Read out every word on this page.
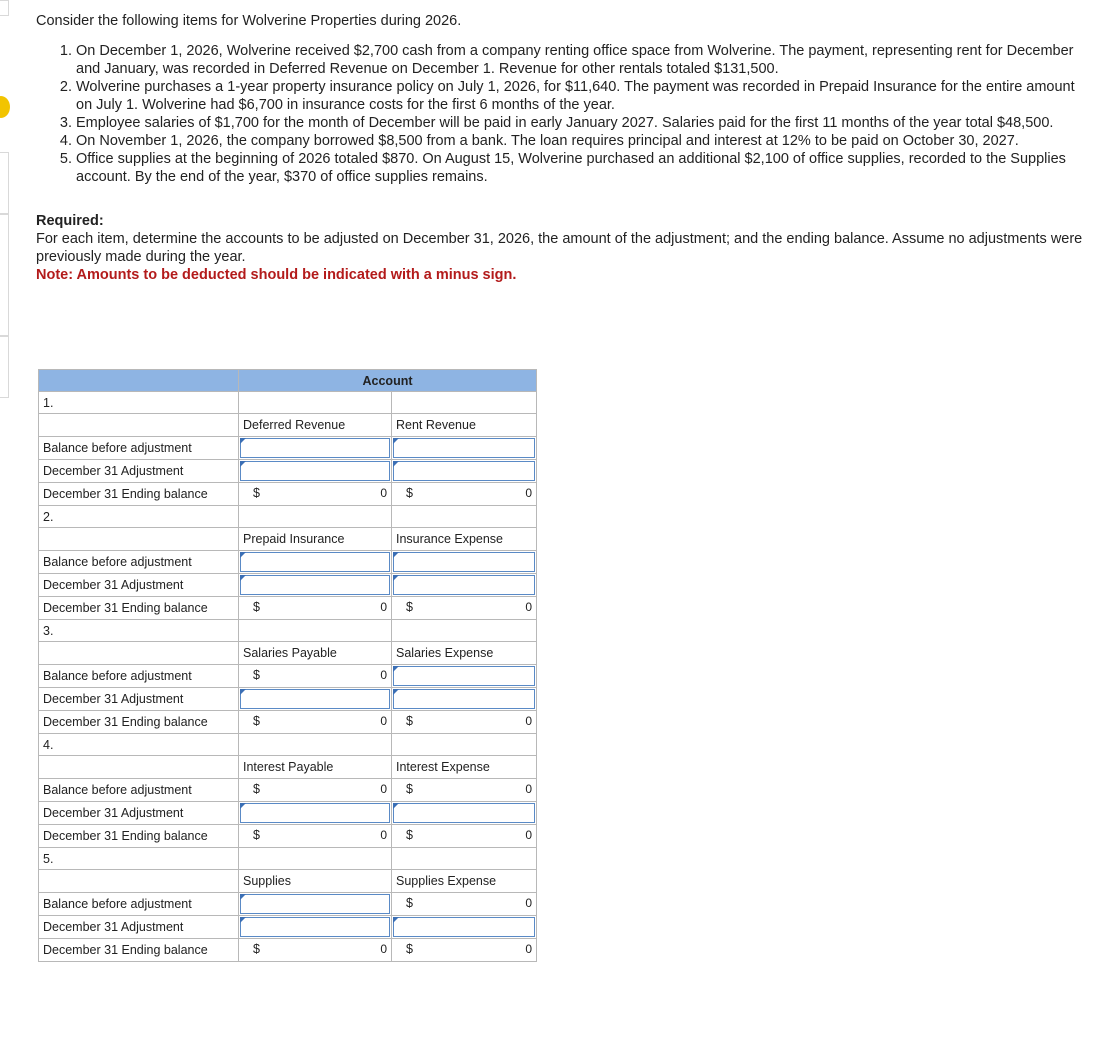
Consider the following items for Wolverine Properties during 2026.

1. On December 1, 2026, Wolverine received $2,700 cash from a company renting office space from Wolverine. The payment, representing rent for December and January, was recorded in Deferred Revenue on December 1. Revenue for other rentals totaled $131,500.
2. Wolverine purchases a 1-year property insurance policy on July 1, 2026, for $11,640. The payment was recorded in Prepaid Insurance for the entire amount on July 1. Wolverine had $6,700 in insurance costs for the first 6 months of the year.
3. Employee salaries of $1,700 for the month of December will be paid in early January 2027. Salaries paid for the first 11 months of the year total $48,500.
4. On November 1, 2026, the company borrowed $8,500 from a bank. The loan requires principal and interest at 12% to be paid on October 30, 2027.
5. Office supplies at the beginning of 2026 totaled $870. On August 15, Wolverine purchased an additional $2,100 of office supplies, recorded to the Supplies account. By the end of the year, $370 of office supplies remains.
Required:
For each item, determine the accounts to be adjusted on December 31, 2026, the amount of the adjustment; and the ending balance. Assume no adjustments were previously made during the year.
Note: Amounts to be deducted should be indicated with a minus sign.
	Account	
1.		
	Deferred Revenue	Rent Revenue
Balance before adjustment	

December 31 Adjustment	

December 31 Ending balance	$ 0	$ 0

2.		
	Prepaid Insurance	Insurance Expense
Balance before adjustment	

December 31 Adjustment	

December 31 Ending balance	$ 0	$ 0

3.		
	Salaries Payable	Salaries Expense
Balance before adjustment	$ 0	

December 31 Adjustment	

December 31 Ending balance	$ 0	$ 0

4.		
	Interest Payable	Interest Expense
Balance before adjustment	$ 0	$ 0

December 31 Adjustment	

December 31 Ending balance	$ 0	$ 0

5.		
	Supplies	Supplies Expense
Balance before adjustment		$ 0

December 31 Adjustment	

December 31 Ending balance	$ 0	$ 0
